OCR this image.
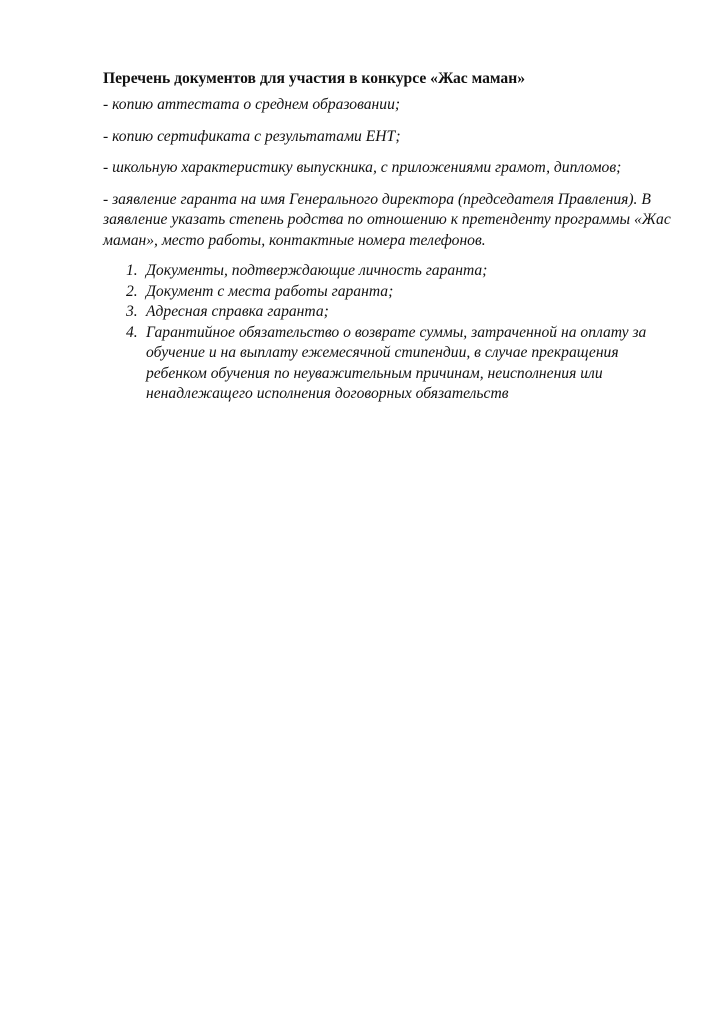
Перечень документов для участия в конкурсе «Жас маман»
- копию аттестата о среднем образовании;
- копию сертификата с результатами ЕНТ;
- школьную характеристику выпускника, с приложениями грамот, дипломов;
- заявление гаранта на имя Генерального директора (председателя Правления). В заявление указать степень родства по отношению к претенденту программы «Жас маман», место работы, контактные номера телефонов.
1. Документы, подтверждающие личность гаранта;
2. Документ с места работы гаранта;
3. Адресная справка гаранта;
4. Гарантийное обязательство о возврате суммы, затраченной на оплату за обучение и на выплату ежемесячной стипендии, в случае прекращения ребенком обучения по неуважительным причинам, неисполнения или ненадлежащего исполнения договорных обязательств
